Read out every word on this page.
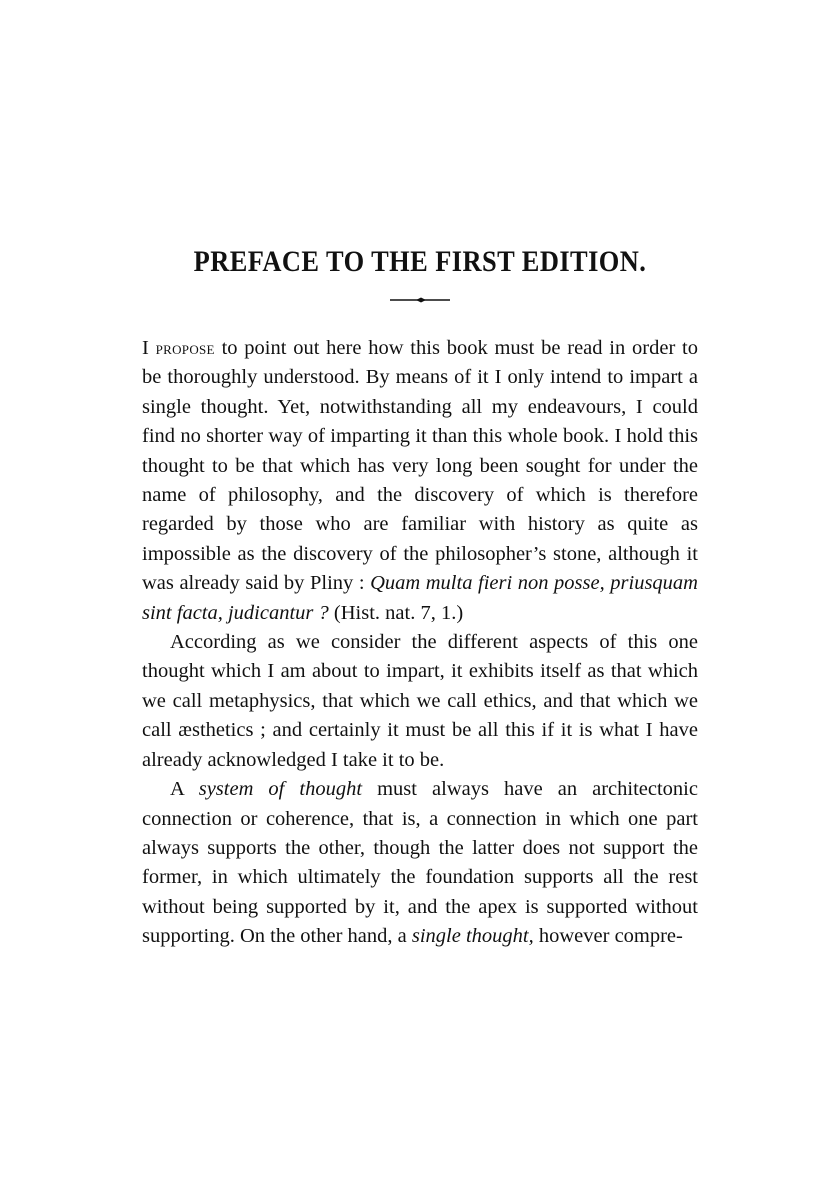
PREFACE TO THE FIRST EDITION.

I propose to point out here how this book must be read in order to be thoroughly understood. By means of it I only intend to impart a single thought. Yet, notwithstanding all my endeavours, I could find no shorter way of imparting it than this whole book. I hold this thought to be that which has very long been sought for under the name of philosophy, and the discovery of which is therefore regarded by those who are familiar with history as quite as impossible as the discovery of the philosopher’s stone, although it was already said by Pliny : Quam multa fieri non posse, priusquam sint facta, judicantur ? (Hist. nat. 7, 1.)

According as we consider the different aspects of this one thought which I am about to impart, it exhibits itself as that which we call metaphysics, that which we call ethics, and that which we call æsthetics ; and certainly it must be all this if it is what I have already acknowledged I take it to be.

A system of thought must always have an architectonic connection or coherence, that is, a connection in which one part always supports the other, though the latter does not support the former, in which ultimately the foundation supports all the rest without being supported by it, and the apex is supported without supporting. On the other hand, a single thought, however compre-
